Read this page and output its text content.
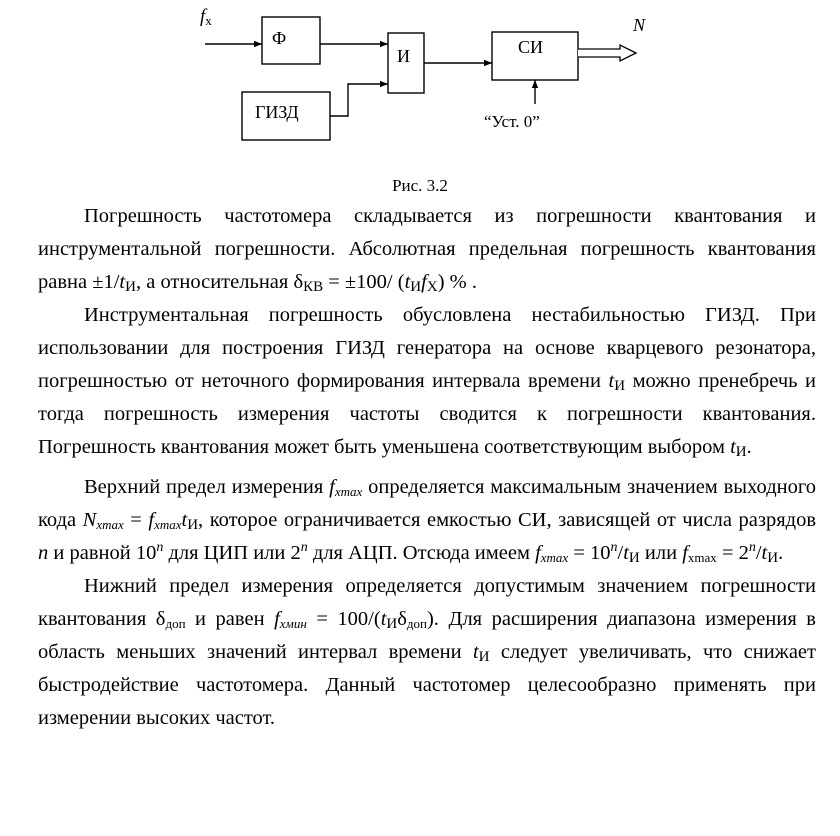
fx
Ф
И
ГИЗД
СИ
N
“Уст. 0”
Рис. 3.2

Погрешность частотомера складывается из погрешности квантования и инструментальной погрешности. Абсолютная предельная погрешность квантования равна $\pm 1/t_И$, а относительная $\delta_{КВ} = \pm 100/$ $(t_Иf_X)$ % .

Инструментальная погрешность обусловлена нестабильностью ГИЗД. При использовании для построения ГИЗД генератора на основе кварцевого резонатора, погрешностью от неточного формирования интервала времени $t_И$ можно пренебречь и тогда погрешность измерения частоты сводится к погрешности квантования. Погрешность квантования может быть уменьшена соответствующим выбором $t_И$.

Верхний предел измерения $f_{xmax}$ определяется максимальным значением выходного кода $N_{xmax} = f_{xmax}t_И$, которое ограничивается емкостью СИ, зависящей от числа разрядов n и равной 10$^n$ для ЦИП или 2$^n$ для АЦП. Отсюда имеем $f_{xmax} = 10^n/t_И$ или $f_{xmax} = 2^n/t_И$.

Нижний предел измерения определяется допустимым значением погрешности квантования $\delta_{доп}$ и равен $f_{хмин} = 100/(t_И\delta_{доп})$. Для расширения диапазона измерения в область меньших значений интервал времени $t_И$ следует увеличивать, что снижает быстродействие частотомера. Данный частотомер целесообразно применять при измерении высоких частот.
